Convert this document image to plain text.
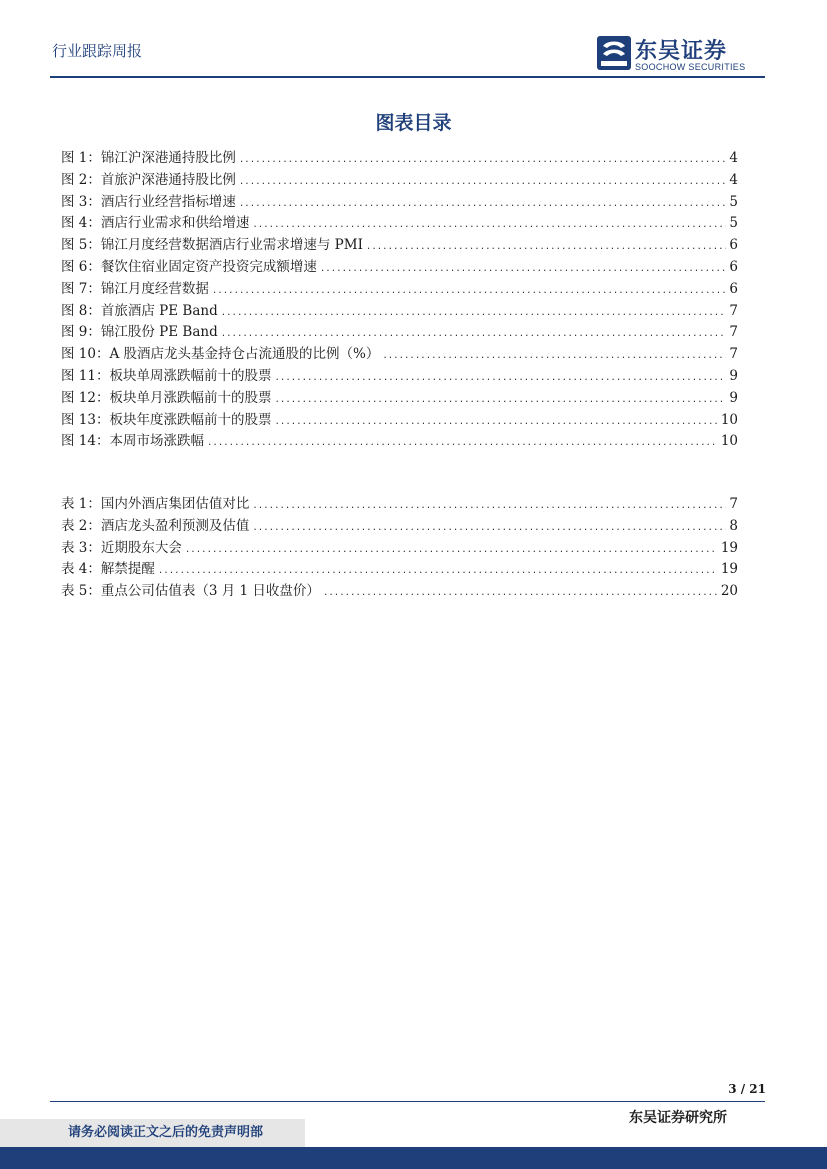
行业跟踪周报	东吴证券
SOOCHOW SECURITIES
图表目录
图 1：锦江沪深港通持股比例 .....	4
图 2：首旅沪深港通持股比例 .....	4
图 3：酒店行业经营指标增速 .....	5
图 4：酒店行业需求和供给增速 .....	5
图 5：锦江月度经营数据酒店行业需求增速与 PMI .....	6
图 6：餐饮住宿业固定资产投资完成额增速 .....	6
图 7：锦江月度经营数据 .....	6
图 8：首旅酒店 PE Band .....	7
图 9：锦江股份 PE Band .....	7
图 10：A 股酒店龙头基金持仓占流通股的比例（%） .....	7
图 11：板块单周涨跌幅前十的股票 .....	9
图 12：板块单月涨跌幅前十的股票 .....	9
图 13：板块年度涨跌幅前十的股票 .....	10
图 14：本周市场涨跌幅 .....	10
表 1：国内外酒店集团估值对比 .....	7
表 2：酒店龙头盈利预测及估值 .....	8
表 3：近期股东大会 .....	19
表 4：解禁提醒 .....	19
表 5：重点公司估值表（3 月 1 日收盘价） .....	20
3 / 21
东吴证券研究所
请务必阅读正文之后的免责声明部
